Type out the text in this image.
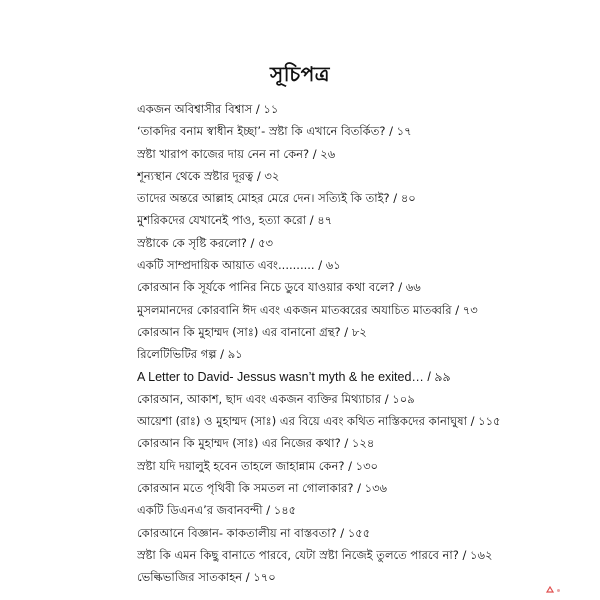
সূচিপত্র
একজন অবিশ্বাসীর বিশ্বাস / ১১
‘তাকদির বনাম স্বাধীন ইচ্ছা’- স্রষ্টা কি এখানে বিতর্কিত? / ১৭
স্রষ্টা খারাপ কাজের দায় নেন না কেন? / ২৬
শূন্যস্থান থেকে স্রষ্টার দূরত্ব / ৩২
তাদের অন্তরে আল্লাহ মোহর মেরে দেন। সত্যিই কি তাই? / ৪০
মুশরিকদের যেখানেই পাও, হত্যা করো / ৪৭
স্রষ্টাকে কে সৃষ্টি করলো? / ৫৩
একটি সাম্প্রদায়িক আয়াত এবং.......... / ৬১
কোরআন কি সূর্যকে পানির নিচে ডুবে যাওয়ার কথা বলে? / ৬৬
মুসলমানদের কোরবানি ঈদ এবং একজন মাতব্বরের অযাচিত মাতব্বরি / ৭৩
কোরআন কি মুহাম্মদ (সাঃ) এর বানানো গ্রন্থ? / ৮২
রিলেটিভিটির গল্প / ৯১
A Letter to David- Jessus wasn’t myth & he exited… / ৯৯
কোরআন, আকাশ, ছাদ এবং একজন ব্যক্তির মিথ্যাচার / ১০৯
আয়েশা (রাঃ) ও মুহাম্মদ (সাঃ) এর বিয়ে এবং কথিত নাস্তিকদের কানাঘুষা / ১১৫
কোরআন কি মুহাম্মদ (সাঃ) এর নিজের কথা? / ১২৪
স্রষ্টা যদি দয়ালুই হবেন তাহলে জাহান্নাম কেন? / ১৩০
কোরআন মতে পৃথিবী কি সমতল না গোলাকার? / ১৩৬
একটি ডিএনএ’র জবানবন্দী / ১৪৫
কোরআনে বিজ্ঞান- কাকতালীয় না বাস্তবতা? / ১৫৫
স্রষ্টা কি এমন কিছু বানাতে পারবে, যেটা স্রষ্টা নিজেই তুলতে পারবে না? / ১৬২
ভেল্কিভাজির সাতকাহন / ১৭০
